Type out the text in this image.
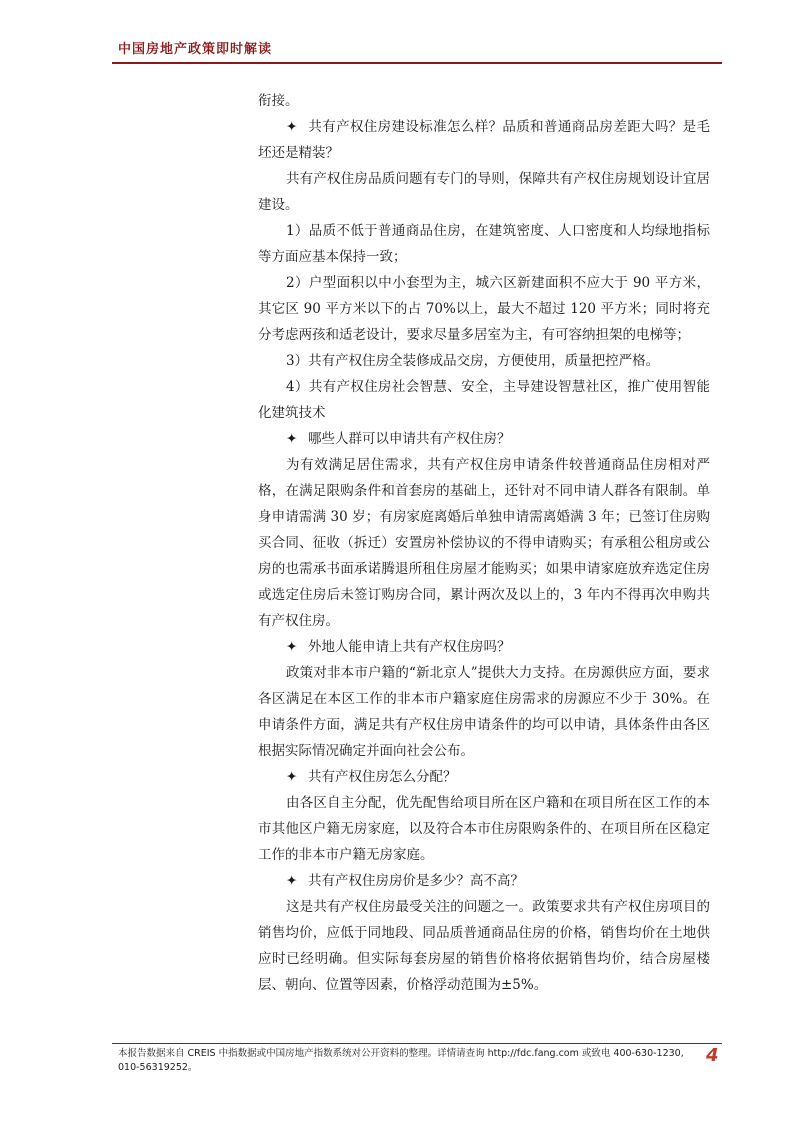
中国房地产政策即时解读

衔接。

✦ 共有产权住房建设标准怎么样？品质和普通商品房差距大吗？是毛坯还是精装？

共有产权住房品质问题有专门的导则，保障共有产权住房规划设计宜居建设。

1）品质不低于普通商品住房，在建筑密度、人口密度和人均绿地指标等方面应基本保持一致；

2）户型面积以中小套型为主，城六区新建面积不应大于 90 平方米，其它区 90 平方米以下的占 70%以上，最大不超过 120 平方米；同时将充分考虑两孩和适老设计，要求尽量多居室为主，有可容纳担架的电梯等；

3）共有产权住房全装修成品交房，方便使用，质量把控严格。

4）共有产权住房社会智慧、安全，主导建设智慧社区，推广使用智能化建筑技术

✦ 哪些人群可以申请共有产权住房？

为有效满足居住需求，共有产权住房申请条件较普通商品住房相对严格，在满足限购条件和首套房的基础上，还针对不同申请人群各有限制。单身申请需满 30 岁；有房家庭离婚后单独申请需离婚满 3 年；已签订住房购买合同、征收（拆迁）安置房补偿协议的不得申请购买；有承租公租房或公房的也需承书面承诺腾退所租住房屋才能购买；如果申请家庭放弃选定住房或选定住房后未签订购房合同，累计两次及以上的，3 年内不得再次申购共有产权住房。

✦ 外地人能申请上共有产权住房吗？

政策对非本市户籍的“新北京人”提供大力支持。在房源供应方面，要求各区满足在本区工作的非本市户籍家庭住房需求的房源应不少于 30%。在申请条件方面，满足共有产权住房申请条件的均可以申请，具体条件由各区根据实际情况确定并面向社会公布。

✦ 共有产权住房怎么分配？

由各区自主分配，优先配售给项目所在区户籍和在项目所在区工作的本市其他区户籍无房家庭，以及符合本市住房限购条件的、在项目所在区稳定工作的非本市户籍无房家庭。

✦ 共有产权住房房价是多少？高不高？

这是共有产权住房最受关注的问题之一。政策要求共有产权住房项目的销售均价，应低于同地段、同品质普通商品住房的价格，销售均价在土地供应时已经明确。但实际每套房屋的销售价格将依据销售均价，结合房屋楼层、朝向、位置等因素，价格浮动范围为±5%。

本报告数据来自 CREIS 中指数据或中国房地产指数系统对公开资料的整理。详情请查询 http://fdc.fang.com 或致电 400-630-1230, 010-56319252。
4
